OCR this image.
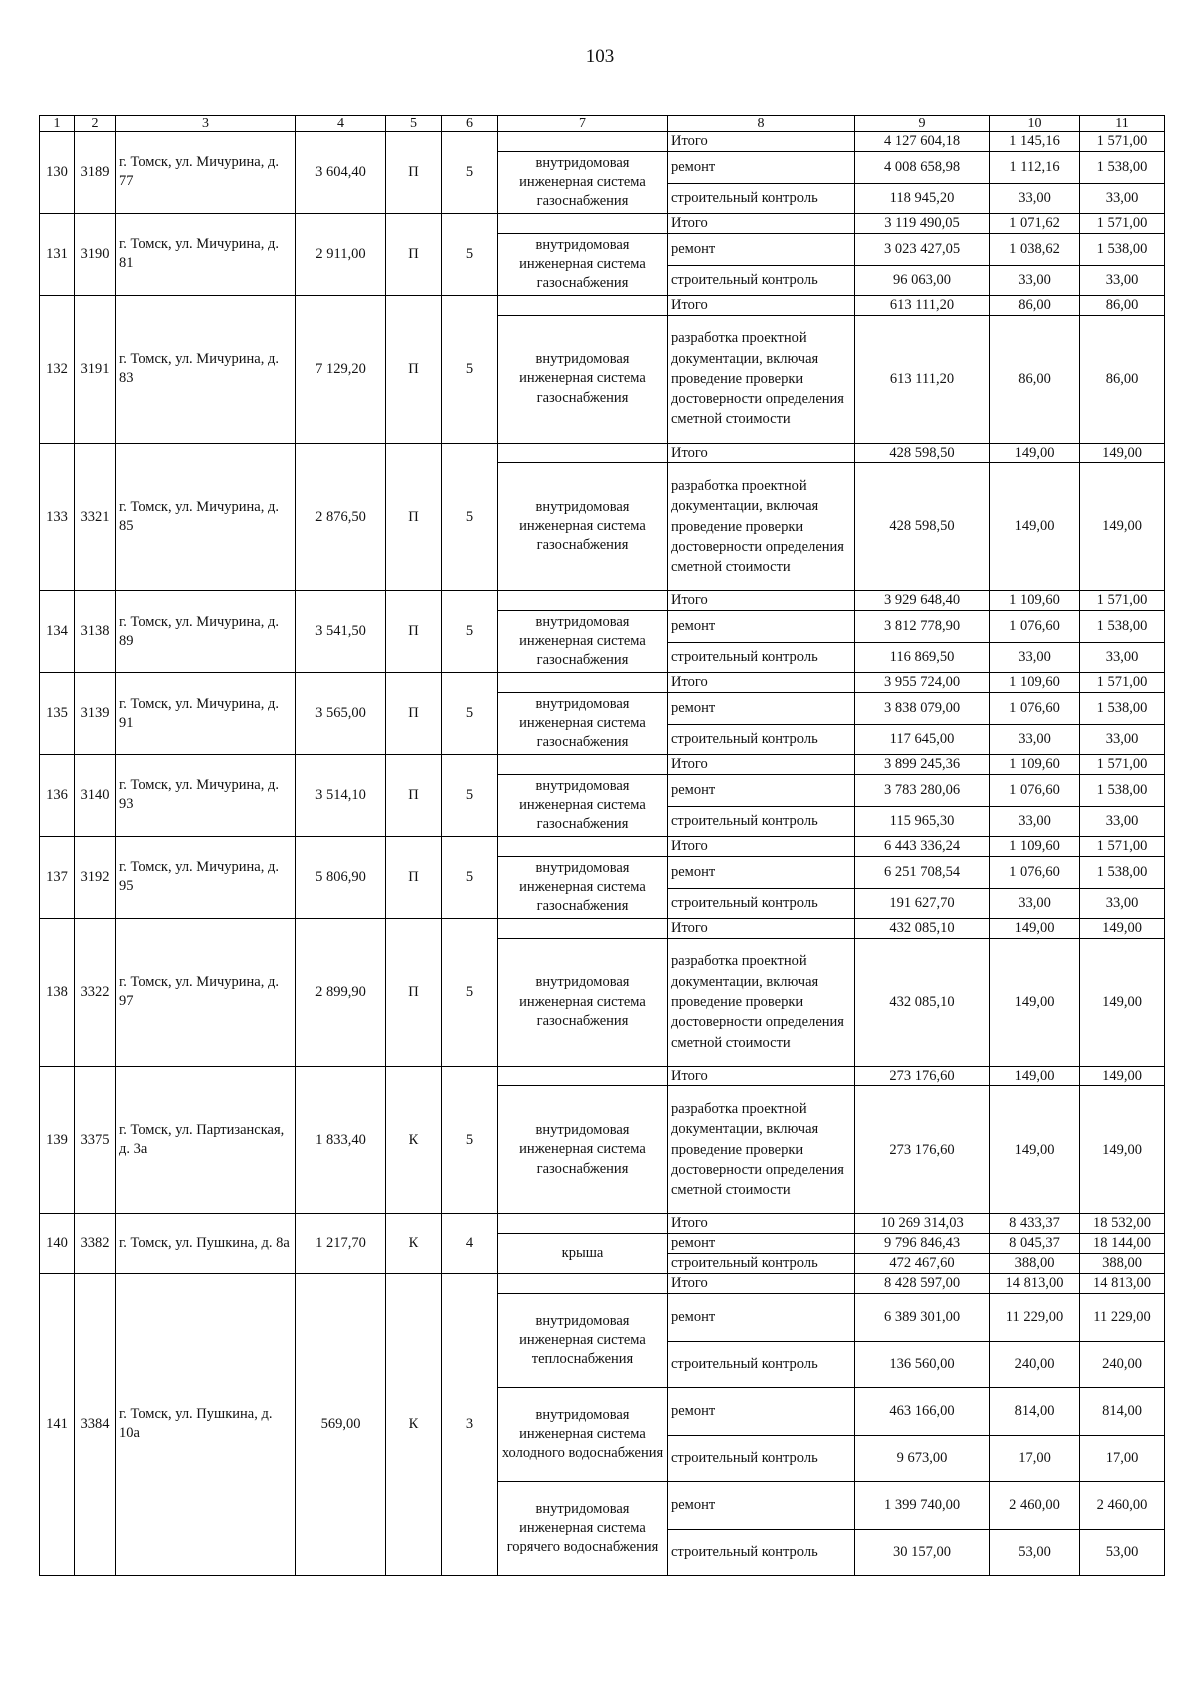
103
1	2	3	4	5	6	7	8	9	10	11
130	3189	г. Томск, ул. Мичурина, д. 77	3 604,40	П	5		Итого	4 127 604,18	1 145,16	1 571,00
						внутридомовая инженерная система газоснабжения	ремонт	4 008 658,98	1 112,16	1 538,00
							строительный контроль	118 945,20	33,00	33,00
131	3190	г. Томск, ул. Мичурина, д. 81	2 911,00	П	5		Итого	3 119 490,05	1 071,62	1 571,00
						внутридомовая инженерная система газоснабжения	ремонт	3 023 427,05	1 038,62	1 538,00
							строительный контроль	96 063,00	33,00	33,00
132	3191	г. Томск, ул. Мичурина, д. 83	7 129,20	П	5		Итого	613 111,20	86,00	86,00
						внутридомовая инженерная система газоснабжения	разработка проектной документации, включая проведение проверки достоверности определения сметной стоимости	613 111,20	86,00	86,00
133	3321	г. Томск, ул. Мичурина, д. 85	2 876,50	П	5		Итого	428 598,50	149,00	149,00
						внутридомовая инженерная система газоснабжения	разработка проектной документации, включая проведение проверки достоверности определения сметной стоимости	428 598,50	149,00	149,00
134	3138	г. Томск, ул. Мичурина, д. 89	3 541,50	П	5		Итого	3 929 648,40	1 109,60	1 571,00
						внутридомовая инженерная система газоснабжения	ремонт	3 812 778,90	1 076,60	1 538,00
							строительный контроль	116 869,50	33,00	33,00
135	3139	г. Томск, ул. Мичурина, д. 91	3 565,00	П	5		Итого	3 955 724,00	1 109,60	1 571,00
						внутридомовая инженерная система газоснабжения	ремонт	3 838 079,00	1 076,60	1 538,00
							строительный контроль	117 645,00	33,00	33,00
136	3140	г. Томск, ул. Мичурина, д. 93	3 514,10	П	5		Итого	3 899 245,36	1 109,60	1 571,00
						внутридомовая инженерная система газоснабжения	ремонт	3 783 280,06	1 076,60	1 538,00
							строительный контроль	115 965,30	33,00	33,00
137	3192	г. Томск, ул. Мичурина, д. 95	5 806,90	П	5		Итого	6 443 336,24	1 109,60	1 571,00
						внутридомовая инженерная система газоснабжения	ремонт	6 251 708,54	1 076,60	1 538,00
							строительный контроль	191 627,70	33,00	33,00
138	3322	г. Томск, ул. Мичурина, д. 97	2 899,90	П	5		Итого	432 085,10	149,00	149,00
						внутридомовая инженерная система газоснабжения	разработка проектной документации, включая проведение проверки достоверности определения сметной стоимости	432 085,10	149,00	149,00
139	3375	г. Томск, ул. Партизанская, д. 3а	1 833,40	К	5		Итого	273 176,60	149,00	149,00
						внутридомовая инженерная система газоснабжения	разработка проектной документации, включая проведение проверки достоверности определения сметной стоимости	273 176,60	149,00	149,00
140	3382	г. Томск, ул. Пушкина, д. 8а	1 217,70	К	4		Итого	10 269 314,03	8 433,37	18 532,00
						крыша	ремонт	9 796 846,43	8 045,37	18 144,00
							строительный контроль	472 467,60	388,00	388,00
141	3384	г. Томск, ул. Пушкина, д. 10а	569,00	К	3		Итого	8 428 597,00	14 813,00	14 813,00
						внутридомовая инженерная система теплоснабжения	ремонт	6 389 301,00	11 229,00	11 229,00
							строительный контроль	136 560,00	240,00	240,00
						внутридомовая инженерная система холодного водоснабжения	ремонт	463 166,00	814,00	814,00
							строительный контроль	9 673,00	17,00	17,00
						внутридомовая инженерная система горячего водоснабжения	ремонт	1 399 740,00	2 460,00	2 460,00
							строительный контроль	30 157,00	53,00	53,00
